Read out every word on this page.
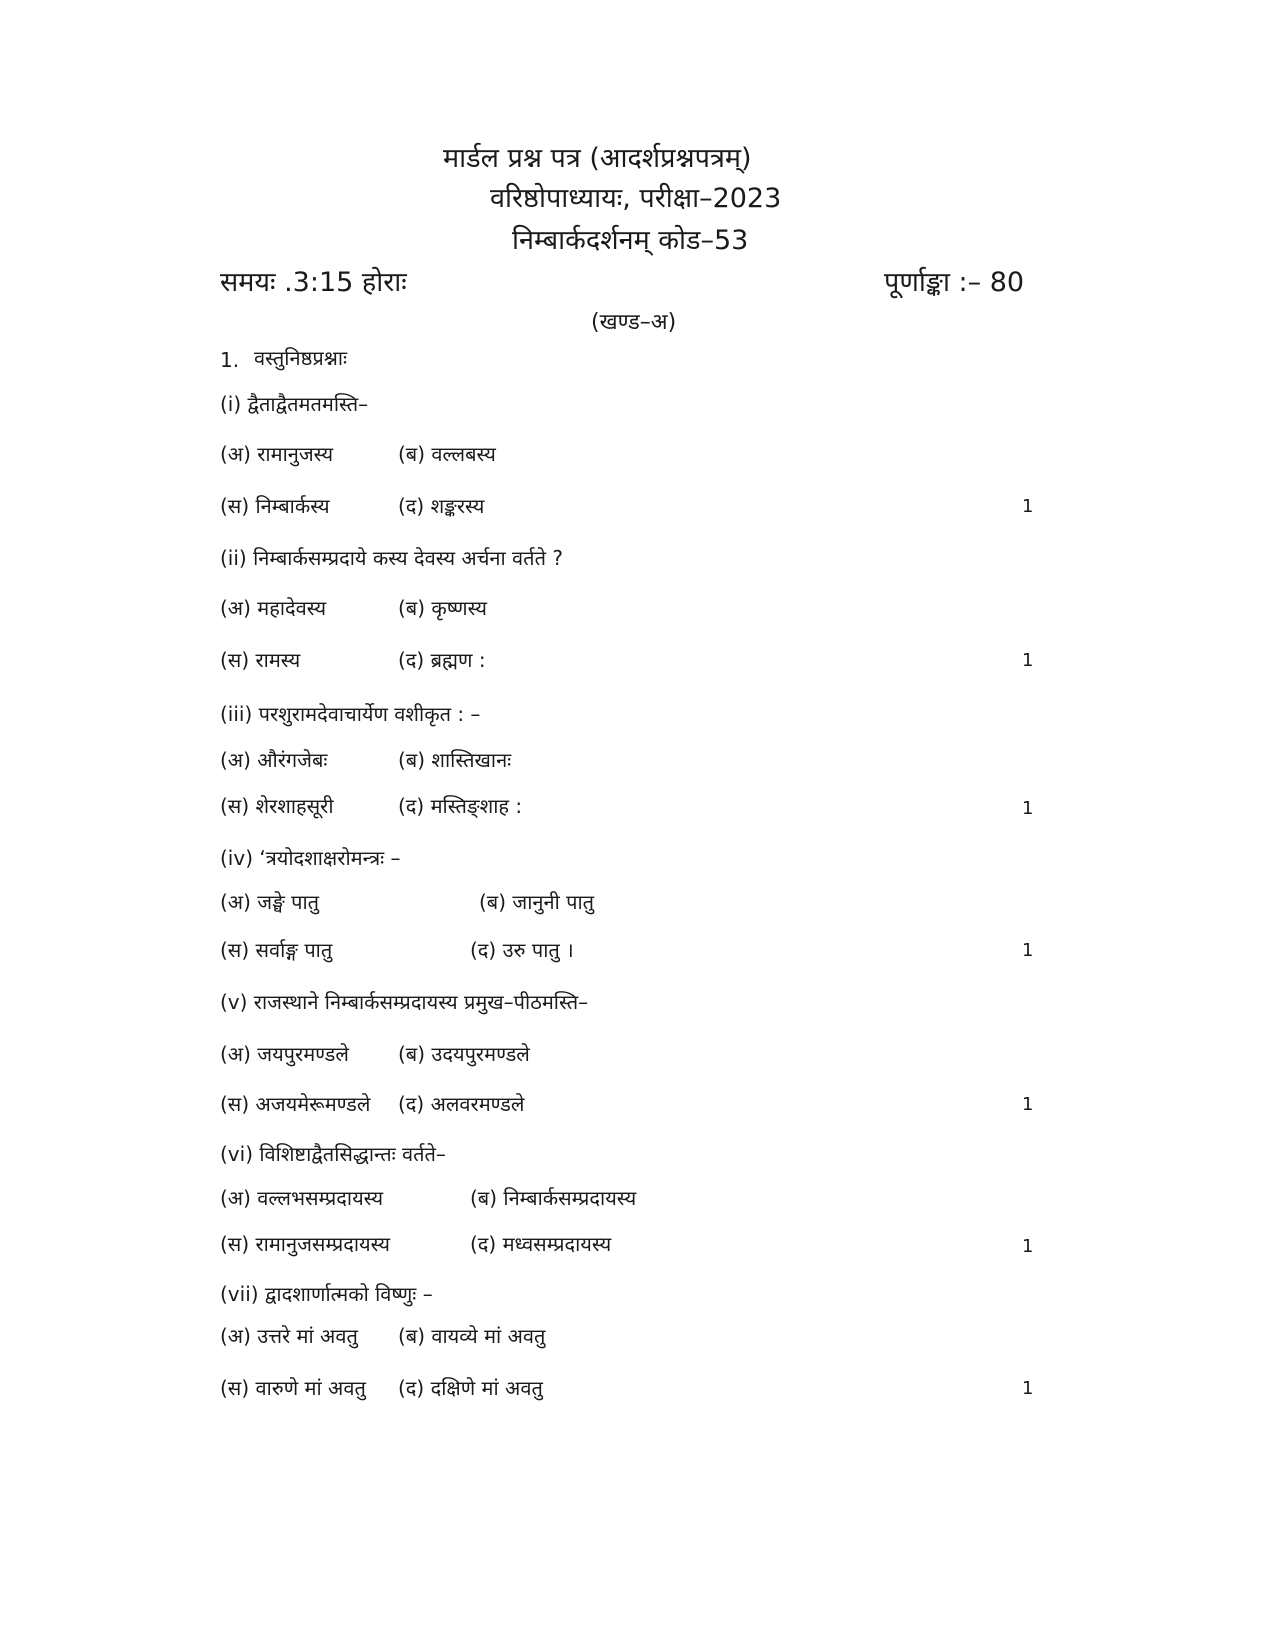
मार्डल प्रश्न पत्र (आदर्शप्रश्नपत्रम्)
वरिष्ठोपाध्यायः, परीक्षा–2023
निम्बार्कदर्शनम् कोड–53
समयः .3:15 होराः	पूर्णाङ्का :– 80
(खण्ड–अ)
1. वस्तुनिष्ठप्रश्नाः
(i) द्वैताद्वैतमतमस्ति–
(अ) रामानुजस्य	(ब) वल्लबस्य
(स) निम्बार्कस्य	(द) शङ्करस्य	1
(ii) निम्बार्कसम्प्रदाये कस्य देवस्य अर्चना वर्तते ?
(अ) महादेवस्य	(ब) कृष्णस्य
(स) रामस्य	(द) ब्रह्मण :	1
(iii) परशुरामदेवाचार्येण वशीकृत : –
(अ) औरंगजेबः	(ब) शास्तिखानः
(स) शेरशाहसूरी	(द) मस्तिङ्शाह :	1
(iv) ‘त्रयोदशाक्षरोमन्त्रः –
(अ) जङ्घे पातु	(ब) जानुनी पातु
(स) सर्वाङ्ग पातु	(द) उरु पातु ।	1
(v) राजस्थाने निम्बार्कसम्प्रदायस्य प्रमुख–पीठमस्ति–
(अ) जयपुरमण्डले (ब) उदयपुरमण्डले
(स) अजयमेरूमण्डले (द) अलवरमण्डले	1
(vi) विशिष्टाद्वैतसिद्धान्तः वर्तते–
(अ) वल्लभसम्प्रदायस्य	(ब) निम्बार्कसम्प्रदायस्य
(स) रामानुजसम्प्रदायस्य	(द) मध्वसम्प्रदायस्य	1
(vii) द्वादशार्णात्मको विष्णुः –
(अ) उत्तरे मां अवतु (ब) वायव्ये मां अवतु
(स) वारुणे मां अवतु (द) दक्षिणे मां अवतु	1
